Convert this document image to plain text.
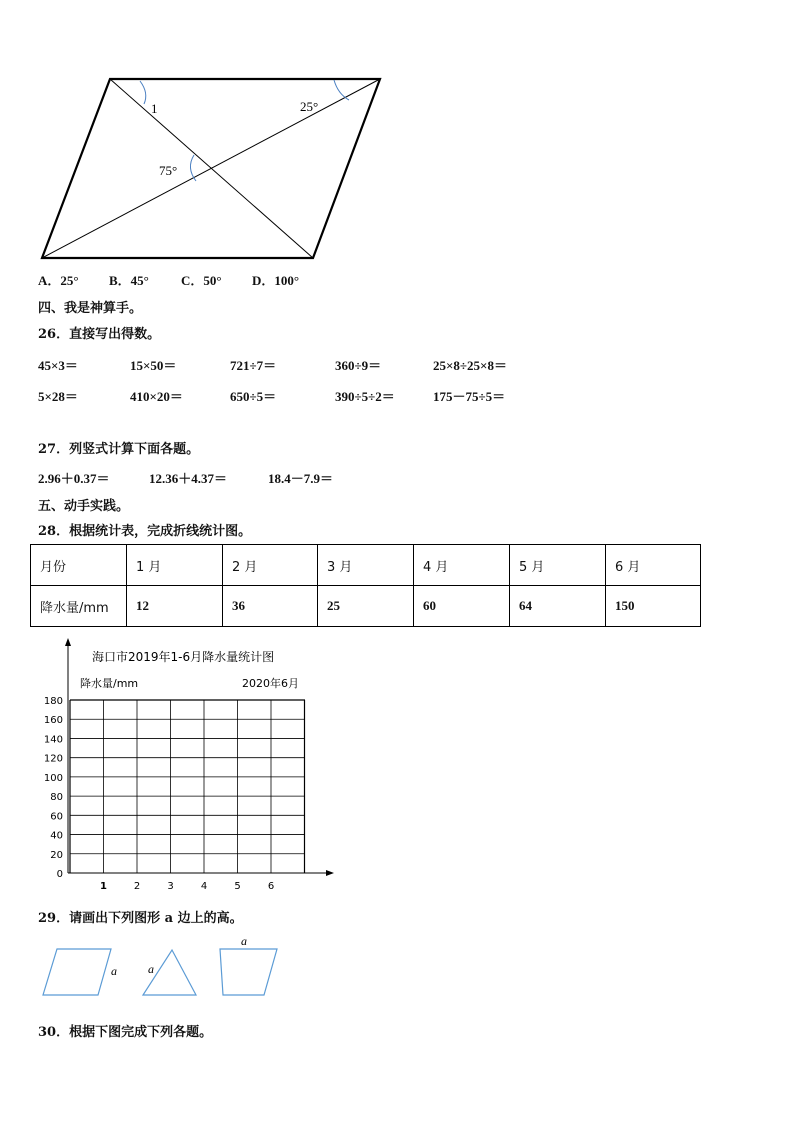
1	25°
75°
A．25° B．45° C．50° D．100°
四、我是神算手。
26．直接写出得数。
45×3＝	15×50＝	721÷7＝	360÷9＝	25×8÷25×8＝
5×28＝	410×20＝	650÷5＝	390÷5÷2＝	175－75÷5＝
27．列竖式计算下面各题。
2.96＋0.37＝	12.36＋4.37＝	18.4－7.9＝
五、动手实践。
28．根据统计表，完成折线统计图。
月份	1 月	2 月	3 月	4 月	5 月	6 月
降水量/mm	12	36	25	60	64	150
0
20
40
60
80
100
120
140
160
180
1	2	3	4	5	6
海口市2019年1-6月降水量统计图
降水量/mm	2020年6月
29．请画出下列图形 a 边上的高。
a	a
a
30．根据下图完成下列各题。
